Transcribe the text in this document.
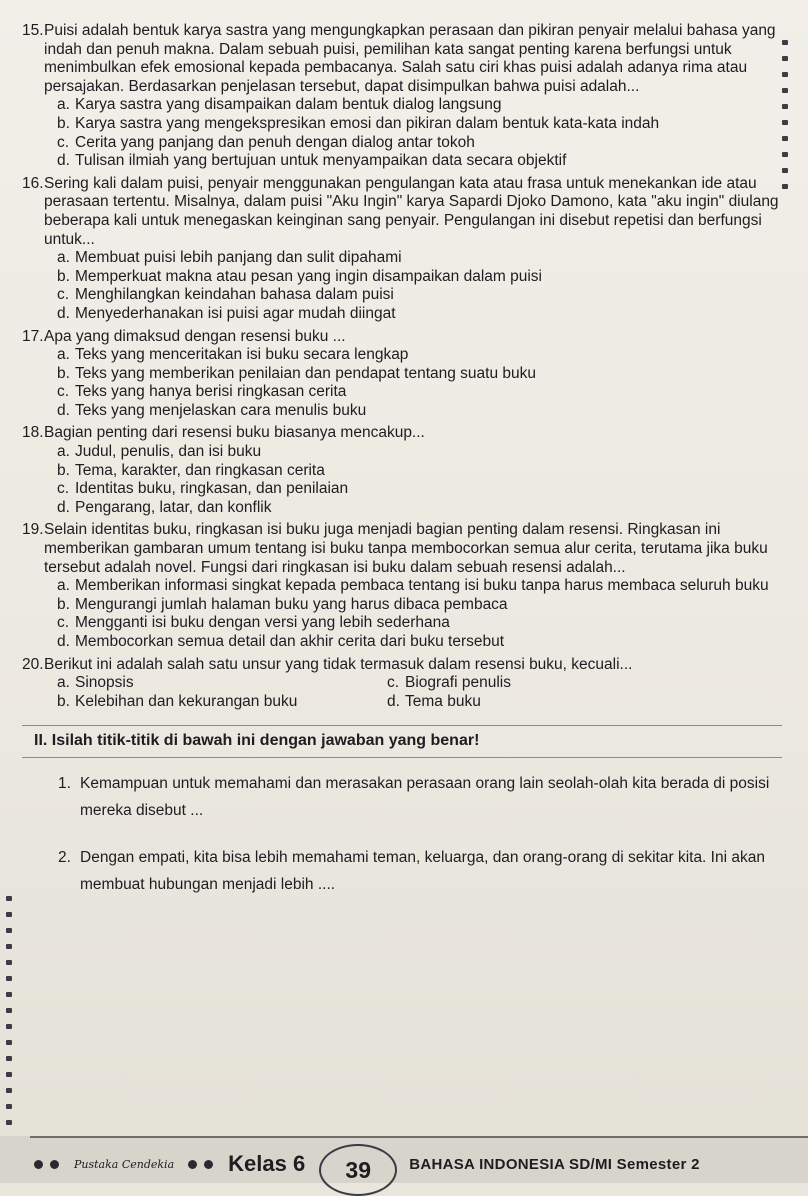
15. Puisi adalah bentuk karya sastra yang mengungkapkan perasaan dan pikiran penyair melalui bahasa yang indah dan penuh makna. Dalam sebuah puisi, pemilihan kata sangat penting karena berfungsi untuk menimbulkan efek emosional kepada pembacanya. Salah satu ciri khas puisi adalah adanya rima atau persajakan. Berdasarkan penjelasan tersebut, dapat disimpulkan bahwa puisi adalah...
a. Karya sastra yang disampaikan dalam bentuk dialog langsung
b. Karya sastra yang mengekspresikan emosi dan pikiran dalam bentuk kata-kata indah
c. Cerita yang panjang dan penuh dengan dialog antar tokoh
d. Tulisan ilmiah yang bertujuan untuk menyampaikan data secara objektif
16. Sering kali dalam puisi, penyair menggunakan pengulangan kata atau frasa untuk menekankan ide atau perasaan tertentu. Misalnya, dalam puisi "Aku Ingin" karya Sapardi Djoko Damono, kata "aku ingin" diulang beberapa kali untuk menegaskan keinginan sang penyair. Pengulangan ini disebut repetisi dan berfungsi untuk...
a. Membuat puisi lebih panjang dan sulit dipahami
b. Memperkuat makna atau pesan yang ingin disampaikan dalam puisi
c. Menghilangkan keindahan bahasa dalam puisi
d. Menyederhanakan isi puisi agar mudah diingat
17. Apa yang dimaksud dengan resensi buku ...
a. Teks yang menceritakan isi buku secara lengkap
b. Teks yang memberikan penilaian dan pendapat tentang suatu buku
c. Teks yang hanya berisi ringkasan cerita
d. Teks yang menjelaskan cara menulis buku
18. Bagian penting dari resensi buku biasanya mencakup...
a. Judul, penulis, dan isi buku
b. Tema, karakter, dan ringkasan cerita
c. Identitas buku, ringkasan, dan penilaian
d. Pengarang, latar, dan konflik
19. Selain identitas buku, ringkasan isi buku juga menjadi bagian penting dalam resensi. Ringkasan ini memberikan gambaran umum tentang isi buku tanpa membocorkan semua alur cerita, terutama jika buku tersebut adalah novel. Fungsi dari ringkasan isi buku dalam sebuah resensi adalah...
a. Memberikan informasi singkat kepada pembaca tentang isi buku tanpa harus membaca seluruh buku
b. Mengurangi jumlah halaman buku yang harus dibaca pembaca
c. Mengganti isi buku dengan versi yang lebih sederhana
d. Membocorkan semua detail dan akhir cerita dari buku tersebut
20. Berikut ini adalah salah satu unsur yang tidak termasuk dalam resensi buku, kecuali...
a. Sinopsis	c. Biografi penulis
b. Kelebihan dan kekurangan buku	d. Tema buku
II. Isilah titik-titik di bawah ini dengan jawaban yang benar!
1. Kemampuan untuk memahami dan merasakan perasaan orang lain seolah-olah kita berada di posisi mereka disebut ...
2. Dengan empati, kita bisa lebih memahami teman, keluarga, dan orang-orang di sekitar kita. Ini akan membuat hubungan menjadi lebih ....
Pustaka Cendekia Kelas 6	39	BAHASA INDONESIA SD/MI Semester 2
